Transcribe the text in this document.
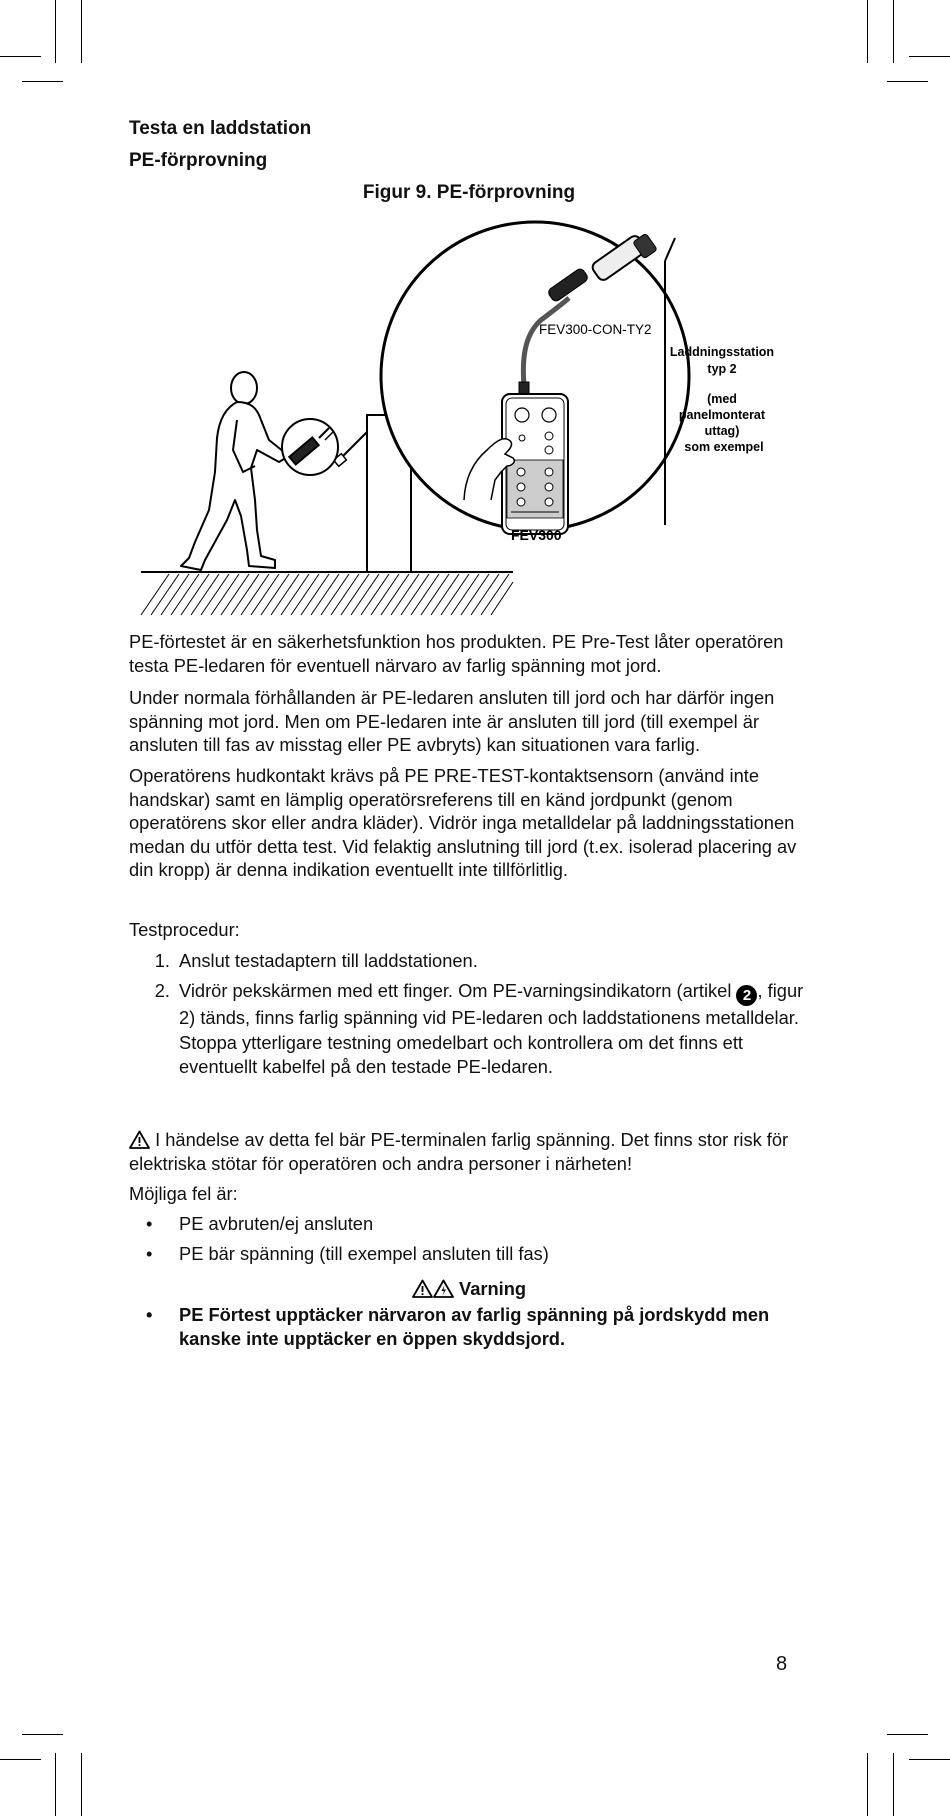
Testa en laddstation
PE-förprovning
Figur 9. PE-förprovning
FEV300-CON-TY2
Laddningsstation
typ 2
(med
panelmonterat
uttag)
som exempel
FEV300
PE-förtestet är en säkerhetsfunktion hos produkten. PE Pre-Test låter operatören testa PE-ledaren för eventuell närvaro av farlig spänning mot jord.
Under normala förhållanden är PE-ledaren ansluten till jord och har därför ingen spänning mot jord. Men om PE-ledaren inte är ansluten till jord (till exempel är ansluten till fas av misstag eller PE avbryts) kan situationen vara farlig.
Operatörens hudkontakt krävs på PE PRE-TEST-kontaktsensorn (använd inte handskar) samt en lämplig operatörsreferens till en känd jordpunkt (genom operatörens skor eller andra kläder). Vidrör inga metalldelar på laddningsstationen medan du utför detta test. Vid felaktig anslutning till jord (t.ex. isolerad placering av din kropp) är denna indikation eventuellt inte tillförlitlig.
Testprocedur:
1. Anslut testadaptern till laddstationen.
2. Vidrör pekskärmen med ett finger. Om PE-varningsindikatorn (artikel 2 , figur 2) tänds, finns farlig spänning vid PE-ledaren och laddstationens metalldelar. Stoppa ytterligare testning omedelbart och kontrollera om det finns ett eventuellt kabelfel på den testade PE-ledaren.
I händelse av detta fel bär PE-terminalen farlig spänning. Det finns stor risk för elektriska stötar för operatören och andra personer i närheten!
Möjliga fel är:
• PE avbruten/ej ansluten
• PE bär spänning (till exempel ansluten till fas)
Varning
• PE Förtest upptäcker närvaron av farlig spänning på jordskydd men kanske inte upptäcker en öppen skyddsjord.
8
